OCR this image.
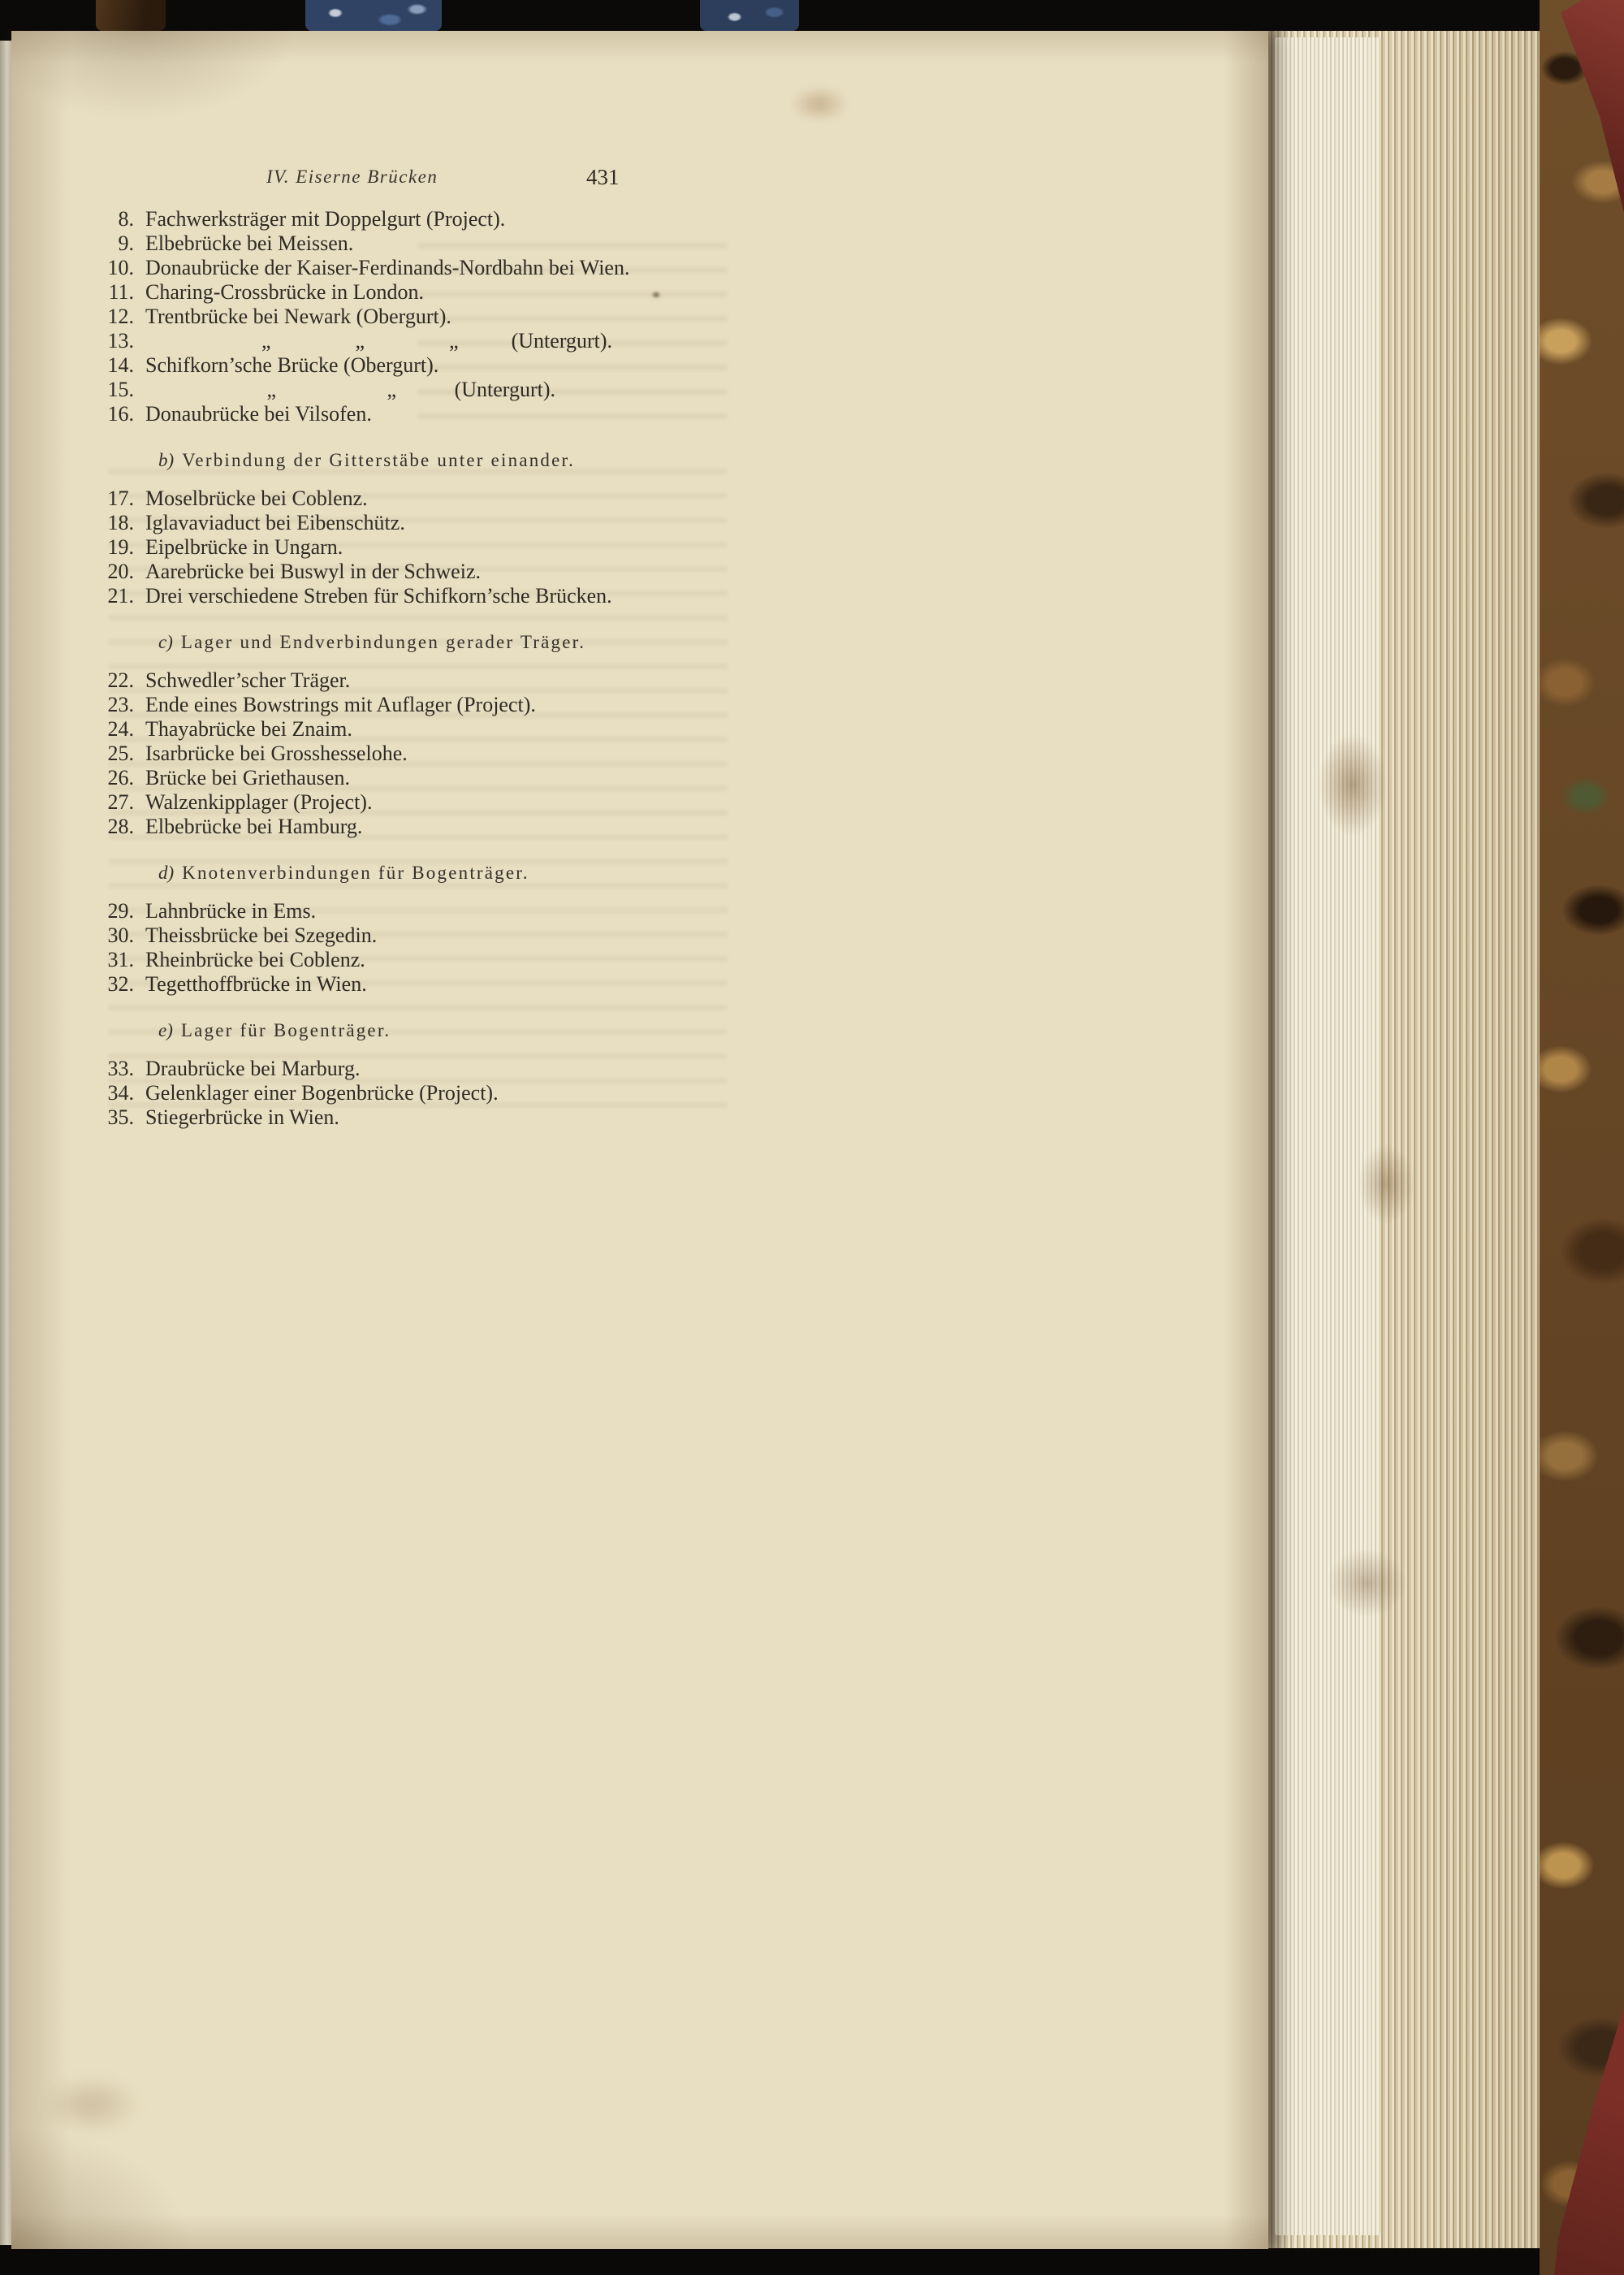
IV. Eiserne Brücken	431
8. Fachwerksträger mit Doppelgurt (Project).
9. Elbebrücke bei Meissen.
10. Donaubrücke der Kaiser-Ferdinands-Nordbahn bei Wien.
11. Charing-Crossbrücke in London.
12. Trentbrücke bei Newark (Obergurt).
13. „                „                „          (Untergurt).
14. Schifkorn’sche Brücke (Obergurt).
15. „                     „           (Untergurt).
16. Donaubrücke bei Vilsofen.
b) Verbindung der Gitterstäbe unter einander.
17. Moselbrücke bei Coblenz.
18. Iglavaviaduct bei Eibenschütz.
19. Eipelbrücke in Ungarn.
20. Aarebrücke bei Buswyl in der Schweiz.
21. Drei verschiedene Streben für Schifkorn’sche Brücken.
c) Lager und Endverbindungen gerader Träger.
22. Schwedler’scher Träger.
23. Ende eines Bowstrings mit Auflager (Project).
24. Thayabrücke bei Znaim.
25. Isarbrücke bei Grosshesselohe.
26. Brücke bei Griethausen.
27. Walzenkipplager (Project).
28. Elbebrücke bei Hamburg.
d) Knotenverbindungen für Bogenträger.
29. Lahnbrücke in Ems.
30. Theissbrücke bei Szegedin.
31. Rheinbrücke bei Coblenz.
32. Tegetthoffbrücke in Wien.
e) Lager für Bogenträger.
33. Draubrücke bei Marburg.
34. Gelenklager einer Bogenbrücke (Project).
35. Stiegerbrücke in Wien.
